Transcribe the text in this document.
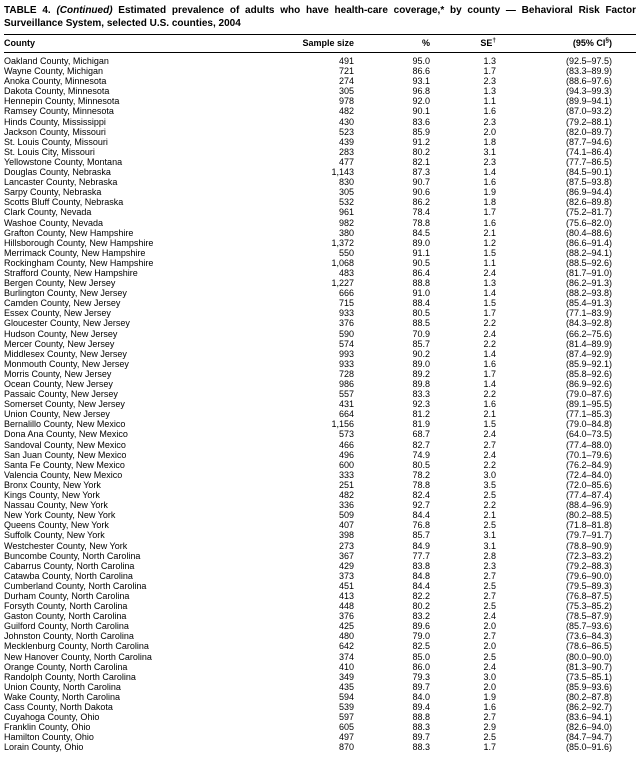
TABLE 4. (Continued) Estimated prevalence of adults who have health-care coverage,* by county — Behavioral Risk Factor Surveillance System, selected U.S. counties, 2004

County	Sample size	%	SE†	(95% CI§)
Oakland County, Michigan	491	95.0	1.3	(92.5–97.5)
Wayne County, Michigan	721	86.6	1.7	(83.3–89.9)
Anoka County, Minnesota	274	93.1	2.3	(88.6–97.6)
Dakota County, Minnesota	305	96.8	1.3	(94.3–99.3)
Hennepin County, Minnesota	978	92.0	1.1	(89.9–94.1)
Ramsey County, Minnesota	482	90.1	1.6	(87.0–93.2)
Hinds County, Mississippi	430	83.6	2.3	(79.2–88.1)
Jackson County, Missouri	523	85.9	2.0	(82.0–89.7)
St. Louis County, Missouri	439	91.2	1.8	(87.7–94.6)
St. Louis City, Missouri	283	80.2	3.1	(74.1–86.4)
Yellowstone County, Montana	477	82.1	2.3	(77.7–86.5)
Douglas County, Nebraska	1,143	87.3	1.4	(84.5–90.1)
Lancaster County, Nebraska	830	90.7	1.6	(87.5–93.8)
Sarpy County, Nebraska	305	90.6	1.9	(86.9–94.4)
Scotts Bluff County, Nebraska	532	86.2	1.8	(82.6–89.8)
Clark County, Nevada	961	78.4	1.7	(75.2–81.7)
Washoe County, Nevada	982	78.8	1.6	(75.6–82.0)
Grafton County, New Hampshire	380	84.5	2.1	(80.4–88.6)
Hillsborough County, New Hampshire	1,372	89.0	1.2	(86.6–91.4)
Merrimack County, New Hampshire	550	91.1	1.5	(88.2–94.1)
Rockingham County, New Hampshire	1,068	90.5	1.1	(88.5–92.6)
Strafford County, New Hampshire	483	86.4	2.4	(81.7–91.0)
Bergen County, New Jersey	1,227	88.8	1.3	(86.2–91.3)
Burlington County, New Jersey	666	91.0	1.4	(88.2–93.8)
Camden County, New Jersey	715	88.4	1.5	(85.4–91.3)
Essex County, New Jersey	933	80.5	1.7	(77.1–83.9)
Gloucester County, New Jersey	376	88.5	2.2	(84.3–92.8)
Hudson County, New Jersey	590	70.9	2.4	(66.2–75.6)
Mercer County, New Jersey	574	85.7	2.2	(81.4–89.9)
Middlesex County, New Jersey	993	90.2	1.4	(87.4–92.9)
Monmouth County, New Jersey	933	89.0	1.6	(85.9–92.1)
Morris County, New Jersey	728	89.2	1.7	(85.8–92.6)
Ocean County, New Jersey	986	89.8	1.4	(86.9–92.6)
Passaic County, New Jersey	557	83.3	2.2	(79.0–87.6)
Somerset County, New Jersey	431	92.3	1.6	(89.1–95.5)
Union County, New Jersey	664	81.2	2.1	(77.1–85.3)
Bernalillo County, New Mexico	1,156	81.9	1.5	(79.0–84.8)
Dona Ana County, New Mexico	573	68.7	2.4	(64.0–73.5)
Sandoval County, New Mexico	466	82.7	2.7	(77.4–88.0)
San Juan County, New Mexico	496	74.9	2.4	(70.1–79.6)
Santa Fe County, New Mexico	600	80.5	2.2	(76.2–84.9)
Valencia County, New Mexico	333	78.2	3.0	(72.4–84.0)
Bronx County, New York	251	78.8	3.5	(72.0–85.6)
Kings County, New York	482	82.4	2.5	(77.4–87.4)
Nassau County, New York	336	92.7	2.2	(88.4–96.9)
New York County, New York	509	84.4	2.1	(80.2–88.5)
Queens County, New York	407	76.8	2.5	(71.8–81.8)
Suffolk County, New York	398	85.7	3.1	(79.7–91.7)
Westchester County, New York	273	84.9	3.1	(78.8–90.9)
Buncombe County, North Carolina	367	77.7	2.8	(72.3–83.2)
Cabarrus County, North Carolina	429	83.8	2.3	(79.2–88.3)
Catawba County, North Carolina	373	84.8	2.7	(79.6–90.0)
Cumberland County, North Carolina	451	84.4	2.5	(79.5–89.3)
Durham County, North Carolina	413	82.2	2.7	(76.8–87.5)
Forsyth County, North Carolina	448	80.2	2.5	(75.3–85.2)
Gaston County, North Carolina	376	83.2	2.4	(78.5–87.9)
Guilford County, North Carolina	425	89.6	2.0	(85.7–93.6)
Johnston County, North Carolina	480	79.0	2.7	(73.6–84.3)
Mecklenburg County, North Carolina	642	82.5	2.0	(78.6–86.5)
New Hanover County, North Carolina	374	85.0	2.5	(80.0–90.0)
Orange County, North Carolina	410	86.0	2.4	(81.3–90.7)
Randolph County, North Carolina	349	79.3	3.0	(73.5–85.1)
Union County, North Carolina	435	89.7	2.0	(85.9–93.6)
Wake County, North Carolina	594	84.0	1.9	(80.2–87.8)
Cass County, North Dakota	539	89.4	1.6	(86.2–92.7)
Cuyahoga County, Ohio	597	88.8	2.7	(83.6–94.1)
Franklin County, Ohio	605	88.3	2.9	(82.6–94.0)
Hamilton County, Ohio	497	89.7	2.5	(84.7–94.7)
Lorain County, Ohio	870	88.3	1.7	(85.0–91.6)
